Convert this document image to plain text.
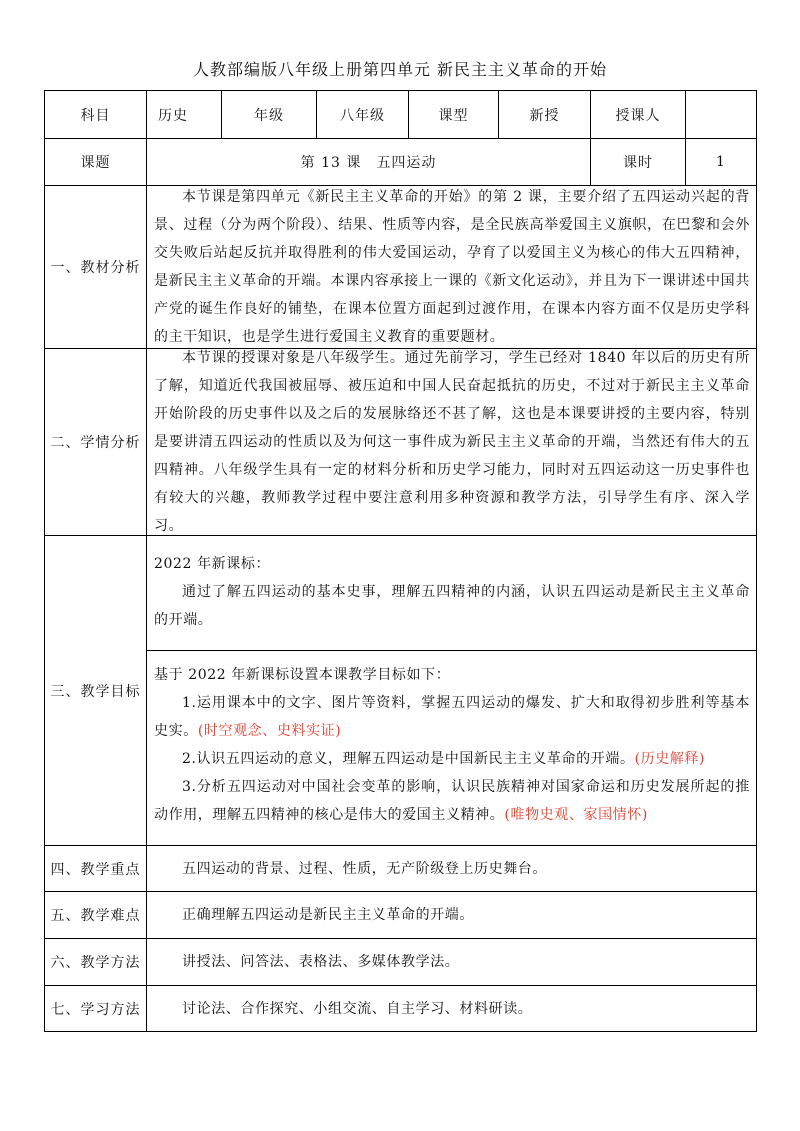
人教部编版八年级上册第四单元 新民主主义革命的开始
科目	历史	年级	八年级	课型	新授	授课人
课题	第 13 课　五四运动	课时	1
一、教材分析

本节课是第四单元《新民主主义革命的开始》的第 2 课，主要介绍了五四运动兴起的背景、过程（分为两个阶段）、结果、性质等内容，是全民族高举爱国主义旗帜，在巴黎和会外交失败后站起反抗并取得胜利的伟大爱国运动，孕育了以爱国主义为核心的伟大五四精神，是新民主主义革命的开端。本课内容承接上一课的《新文化运动》，并且为下一课讲述中国共产党的诞生作良好的铺垫，在课本位置方面起到过渡作用，在课本内容方面不仅是历史学科的主干知识，也是学生进行爱国主义教育的重要题材。

二、学情分析

本节课的授课对象是八年级学生。通过先前学习，学生已经对 1840 年以后的历史有所了解，知道近代我国被屈辱、被压迫和中国人民奋起抵抗的历史，不过对于新民主主义革命开始阶段的历史事件以及之后的发展脉络还不甚了解，这也是本课要讲授的主要内容，特别是要讲清五四运动的性质以及为何这一事件成为新民主主义革命的开端，当然还有伟大的五四精神。八年级学生具有一定的材料分析和历史学习能力，同时对五四运动这一历史事件也有较大的兴趣，教师教学过程中要注意利用多种资源和教学方法，引导学生有序、深入学习。

三、教学目标

2022 年新课标：

通过了解五四运动的基本史事，理解五四精神的内涵，认识五四运动是新民主主义革命的开端。

基于 2022 年新课标设置本课教学目标如下：

1.运用课本中的文字、图片等资料，掌握五四运动的爆发、扩大和取得初步胜利等基本史实。(时空观念、史料实证)

2.认识五四运动的意义，理解五四运动是中国新民主主义革命的开端。(历史解释)

3.分析五四运动对中国社会变革的影响，认识民族精神对国家命运和历史发展所起的推动作用，理解五四精神的核心是伟大的爱国主义精神。(唯物史观、家国情怀)

四、教学重点	五四运动的背景、过程、性质，无产阶级登上历史舞台。
五、教学难点	正确理解五四运动是新民主主义革命的开端。
六、教学方法	讲授法、问答法、表格法、多媒体教学法。
七、学习方法	讨论法、合作探究、小组交流、自主学习、材料研读。
